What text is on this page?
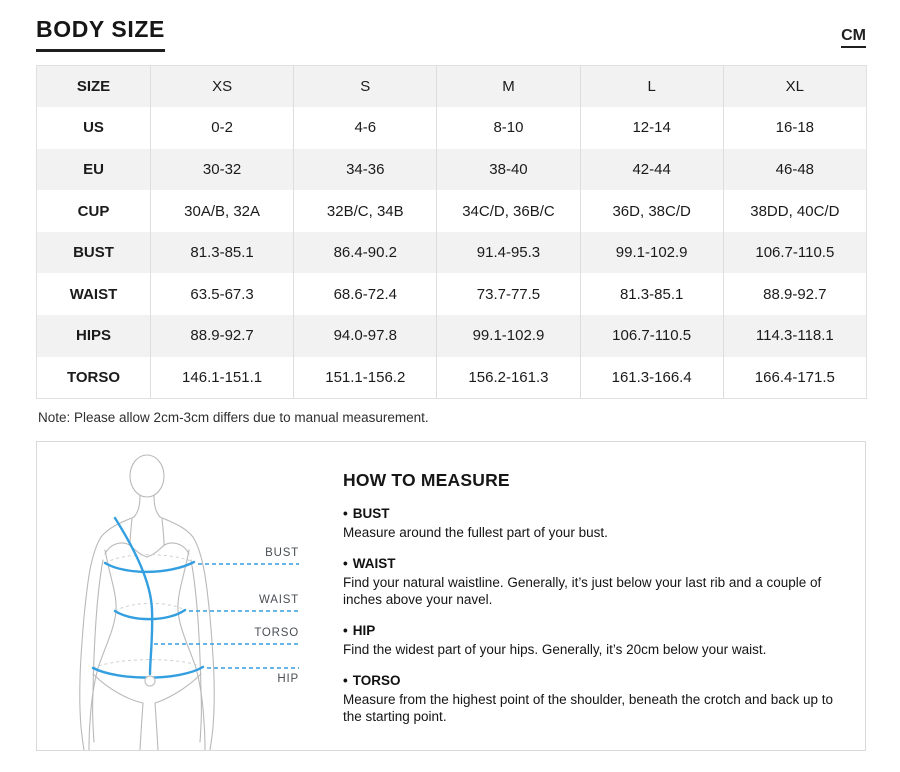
BODY SIZE	CM
SIZE	XS	S	M	L	XL
US	0-2	4-6	8-10	12-14	16-18
EU	30-32	34-36	38-40	42-44	46-48
CUP	30A/B, 32A	32B/C, 34B	34C/D, 36B/C	36D, 38C/D	38DD, 40C/D
BUST	81.3-85.1	86.4-90.2	91.4-95.3	99.1-102.9	106.7-110.5
WAIST	63.5-67.3	68.6-72.4	73.7-77.5	81.3-85.1	88.9-92.7
HIPS	88.9-92.7	94.0-97.8	99.1-102.9	106.7-110.5	114.3-118.1
TORSO	146.1-151.1	151.1-156.2	156.2-161.3	161.3-166.4	166.4-171.5
Note: Please allow 2cm-3cm differs due to manual measurement.
BUST
WAIST
TORSO
HIP
HOW TO MEASURE
• BUST
Measure around the fullest part of your bust.
• WAIST
Find your natural waistline. Generally, it’s just below your last rib and a couple of inches above your navel.
• HIP
Find the widest part of your hips. Generally, it’s 20cm below your waist.
• TORSO
Measure from the highest point of the shoulder, beneath the crotch and back up to the starting point.
